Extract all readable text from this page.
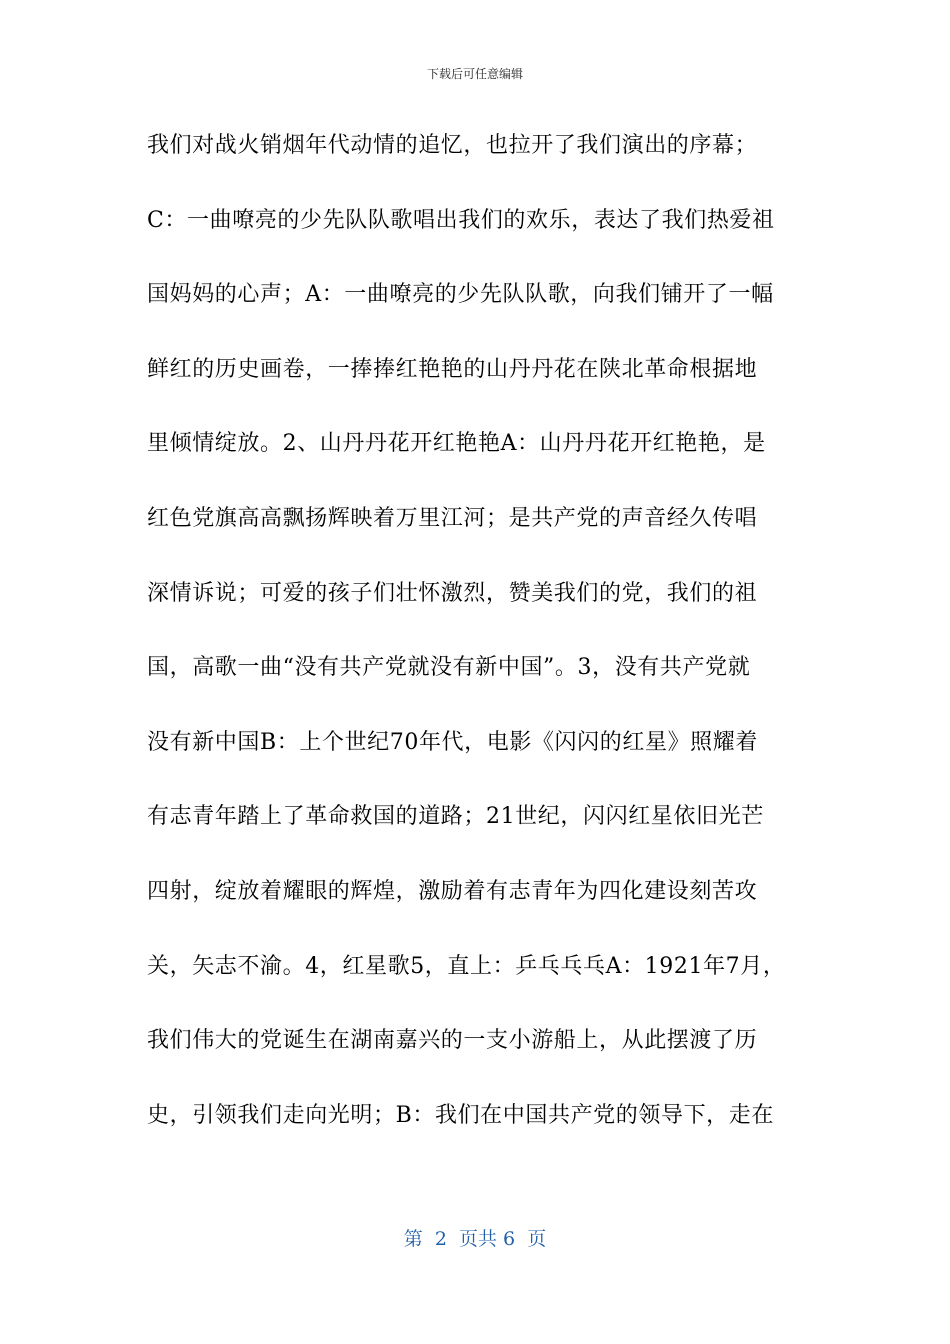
下载后可任意编辑
我们对战火销烟年代动情的追忆，也拉开了我们演出的序幕；
C：一曲嘹亮的少先队队歌唱出我们的欢乐，表达了我们热爱祖
国妈妈的心声；A：一曲嘹亮的少先队队歌，向我们铺开了一幅
鲜红的历史画卷，一捧捧红艳艳的山丹丹花在陕北革命根据地
里倾情绽放。2、山丹丹花开红艳艳A：山丹丹花开红艳艳，是
红色党旗高高飘扬辉映着万里江河；是共产党的声音经久传唱
深情诉说；可爱的孩子们壮怀激烈，赞美我们的党，我们的祖
国，高歌一曲“没有共产党就没有新中国”。3，没有共产党就
没有新中国B：上个世纪70年代，电影《闪闪的红星》照耀着
有志青年踏上了革命救国的道路；21世纪，闪闪红星依旧光芒
四射，绽放着耀眼的辉煌，激励着有志青年为四化建设刻苦攻
关，矢志不渝。4，红星歌5，直上：乒乓乓乓A：1921年7月，
我们伟大的党诞生在湖南嘉兴的一支小游船上，从此摆渡了历
史，引领我们走向光明；B：我们在中国共产党的领导下，走在
第  2  页共 6  页
